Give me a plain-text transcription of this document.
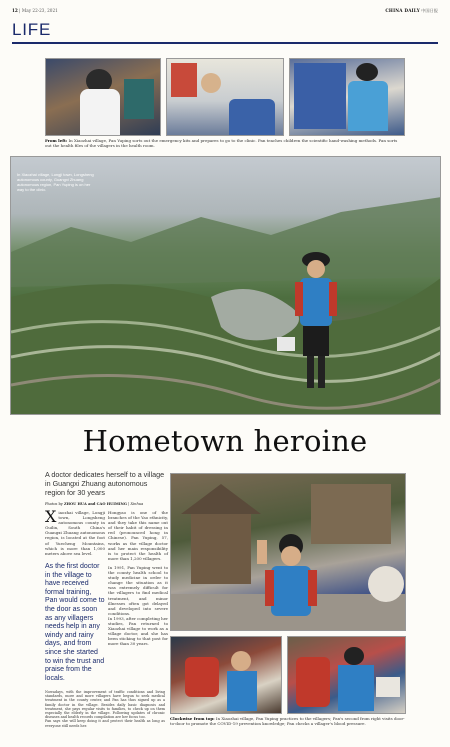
12 | May 22-23, 2021	CHINA DAILY 中国日报
LIFE
From left: In Xiaozhai village, Pan Yuping sorts out the emergency kits and prepares to go to the clinic. Pan teaches children the scientific hand-washing methods. Pan sorts out the health files of the villagers in the health room.
In Xiaozhai village, Longji town, Longsheng autonomous county, Guangxi Zhuang autonomous region, Pan Yuping is on her way to the clinic.
Hometown heroine
A doctor dedicates herself to a village in Guangxi Zhuang autonomous region for 30 years
Photos by ZHOU HUA and CAO HUIMING | Xinhua
X iaozhai village, Longji town, Longsheng autonomous county in Guilin, South China's Guangxi Zhuang autonomous region, is located at the foot of Yuecheng Mountains, which is more than 1,000 meters above sea level.
As the first doctor in the village to have received formal training, Pan would come to the door as soon as any villagers needs help in any windy and rainy days, and from since she started to win the trust and praise from the locals.
Hongyao is one of the branches of the Yao ethnicity, and they take this name out of their habit of dressing in red (pronounced hong in Chinese). Pan Yuping, 57, works as the village doctor and her main responsibility is to protect the health of more than 1,200 villagers.

In 1991, Pan Yuping went to the county health school to study medicine in order to change the situation as it was extremely difficult for the villagers to find medical treatment, and minor illnesses often got delayed and developed into severe conditions.

In 1993, after completing her studies, Pan returned to Xiaozhai village to work as a village doctor, and she has been sticking to that post for more than 30 years.

Nowadays, with the improvement of traffic conditions and living standards, more and more villagers have begun to seek medical treatment in the county center, and Pan has thus signed up as a family doctor in the village. Besides daily basic diagnosis and treatment, she pays regular visits to families, to check up on them especially the elderly in the village. Following updates of chronic diseases and health records compilation are her focus too.

Pan says she will keep doing it and protect their health as long as everyone still needs her.

Clockwise from top: In Xiaozhai village, Pan Yuping practices to the villagers; Pan's second from right visits door-to-door to promote the COVID-19 prevention knowledge; Pan checks a villager's blood pressure.
